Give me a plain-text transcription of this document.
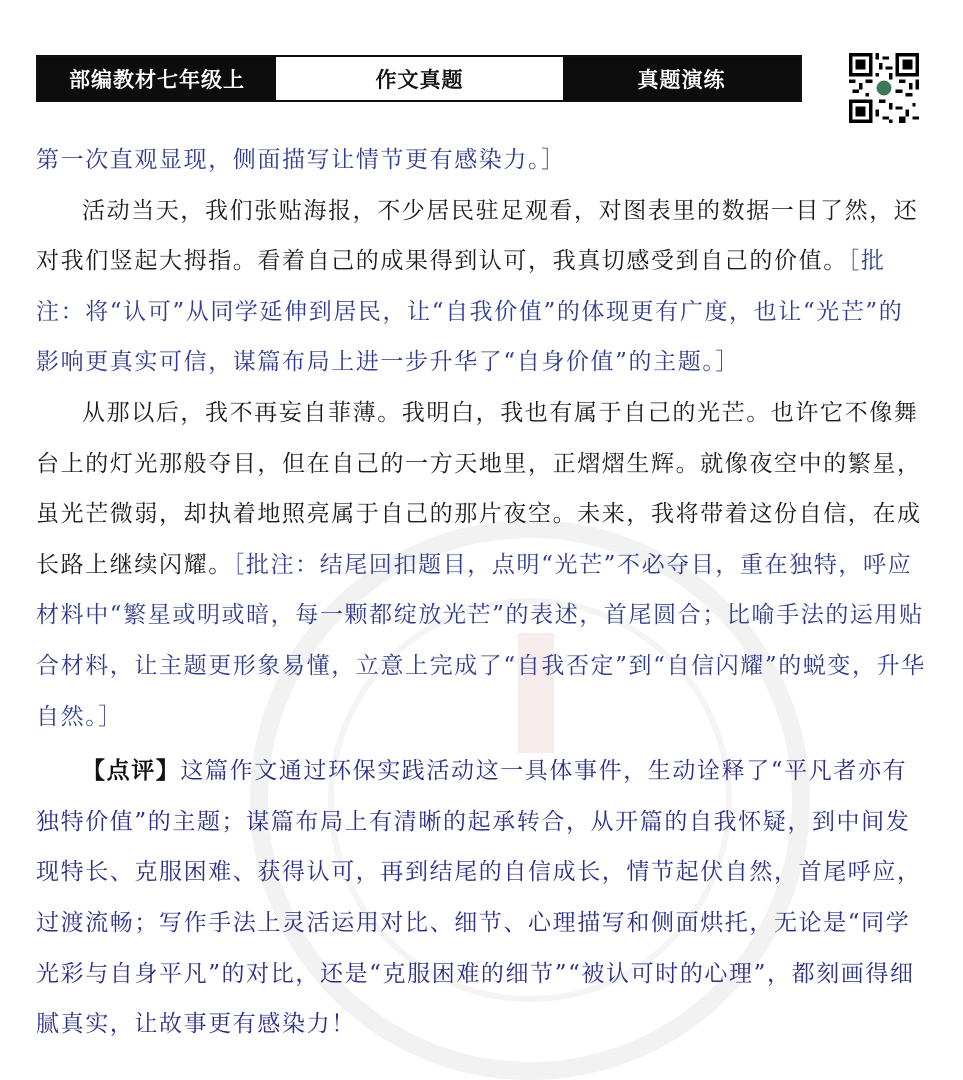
部编教材七年级上	作文真题	真题演练

第一次直观显现，侧面描写让情节更有感染力。］

活动当天，我们张贴海报，不少居民驻足观看，对图表里的数据一目了然，还对我们竖起大拇指。看着自己的成果得到认可，我真切感受到自己的价值。［批注：将“认可”从同学延伸到居民，让“自我价值”的体现更有广度，也让“光芒”的影响更真实可信，谋篇布局上进一步升华了“自身价值”的主题。］

从那以后，我不再妄自菲薄。我明白，我也有属于自己的光芒。也许它不像舞台上的灯光那般夺目，但在自己的一方天地里，正熠熠生辉。就像夜空中的繁星，虽光芒微弱，却执着地照亮属于自己的那片夜空。未来，我将带着这份自信，在成长路上继续闪耀。［批注：结尾回扣题目，点明“光芒”不必夺目，重在独特，呼应材料中“繁星或明或暗，每一颗都绽放光芒”的表述，首尾圆合；比喻手法的运用贴合材料，让主题更形象易懂，立意上完成了“自我否定”到“自信闪耀”的蜕变，升华自然。］

【点评】这篇作文通过环保实践活动这一具体事件，生动诠释了“平凡者亦有独特价值”的主题；谋篇布局上有清晰的起承转合，从开篇的自我怀疑，到中间发现特长、克服困难、获得认可，再到结尾的自信成长，情节起伏自然，首尾呼应，过渡流畅；写作手法上灵活运用对比、细节、心理描写和侧面烘托，无论是“同学光彩与自身平凡”的对比，还是“克服困难的细节”“被认可时的心理”，都刻画得细腻真实，让故事更有感染力！
